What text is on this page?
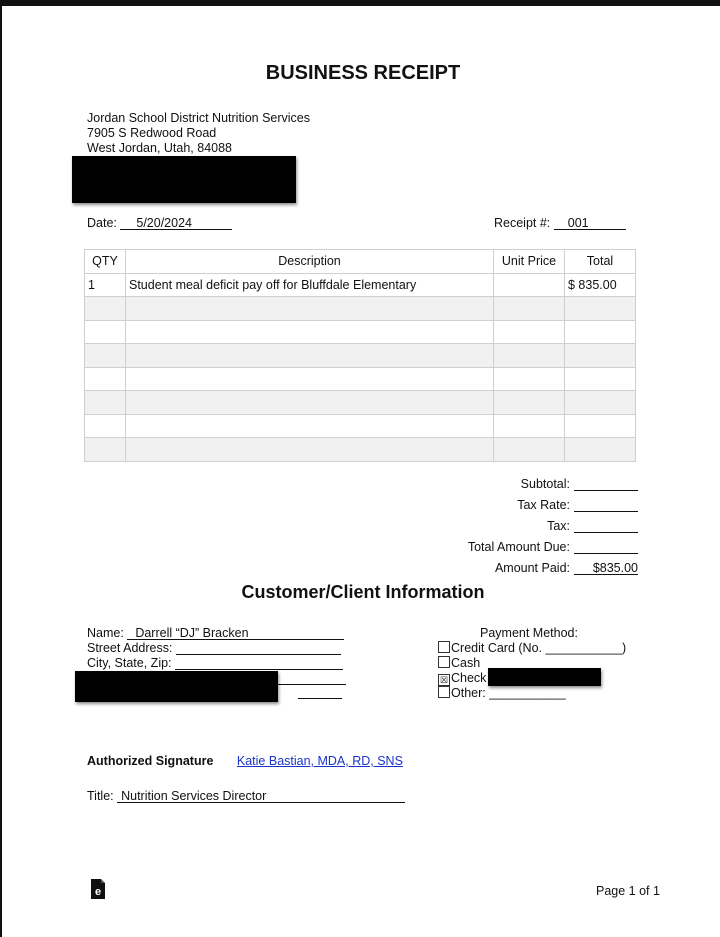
BUSINESS RECEIPT
Jordan School District Nutrition Services
7905 S Redwood Road
West Jordan, Utah, 84088
Date: 5/20/2024	Receipt #: 001
QTY	Description	Unit Price	Total
1	Student meal deficit pay off for Bluffdale Elementary		$ 835.00

Subtotal:
Tax Rate:
Tax:
Total Amount Due:
Amount Paid: $835.00
Customer/Client Information
Name: Darrell “DJ” Bracken
Street Address:
City, State, Zip:
Payment Method:
Credit Card (No. ___________)
Cash
☒ Check
Other: ___________
Authorized Signature Katie Bastian, MDA, RD, SNS
Title: Nutrition Services Director
e	Page 1 of 1
